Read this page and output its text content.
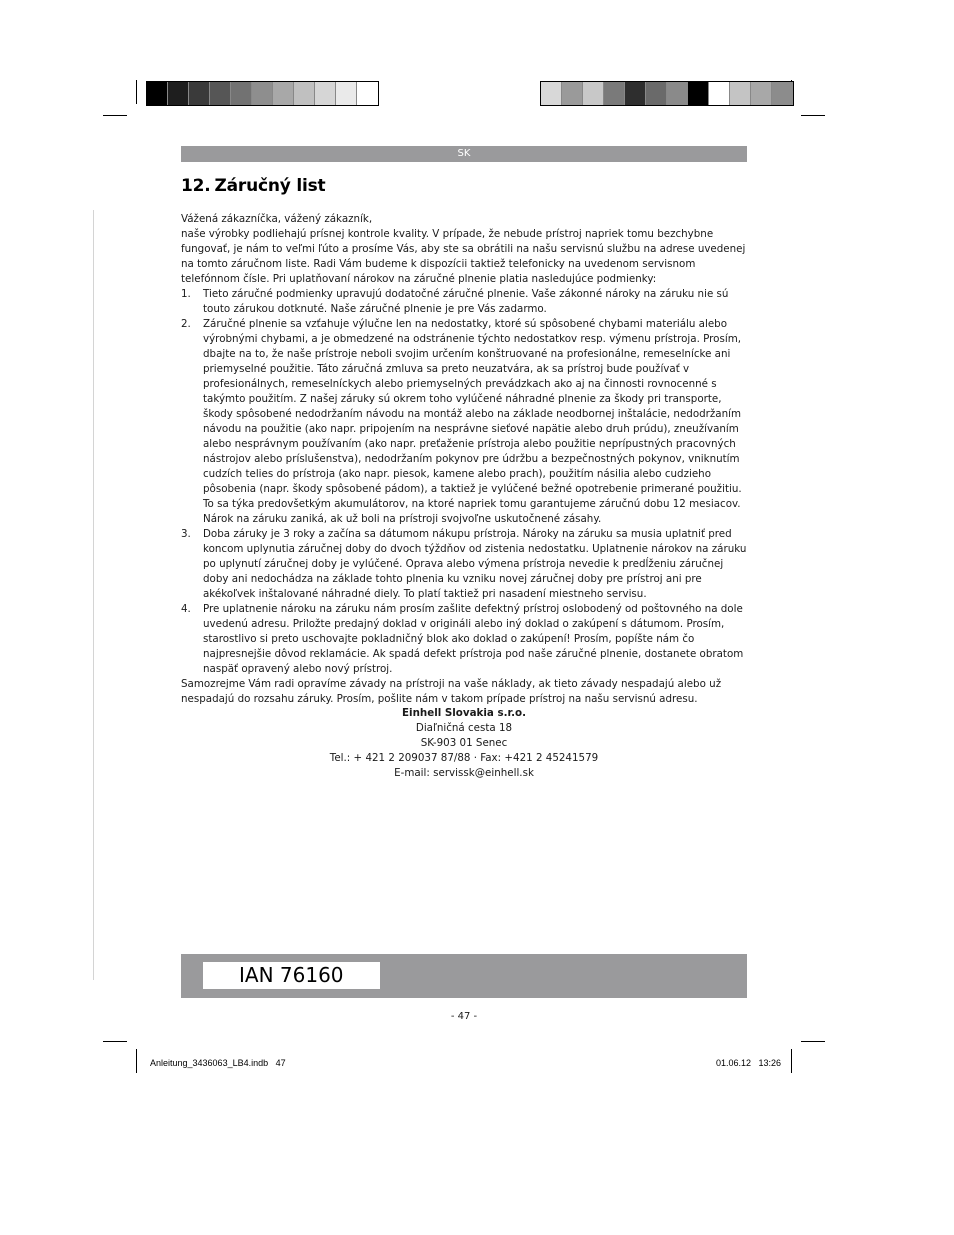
SK
12. Záručný list

Vážená zákazníčka, vážený zákazník,

naše výrobky podliehajú prísnej kontrole kvality. V prípade, že nebude prístroj napriek tomu bezchybne fungovať, je nám to veľmi ľúto a prosíme Vás, aby ste sa obrátili na našu servisnú službu na adrese uvedenej na tomto záručnom liste. Radi Vám budeme k dispozícii taktiež telefonicky na uvedenom servisnom telefónnom čísle. Pri uplatňovaní nárokov na záručné plnenie platia nasledujúce podmienky:

1.	Tieto záručné podmienky upravujú dodatočné záručné plnenie. Vaše zákonné nároky na záruku nie sú touto zárukou dotknuté. Naše záručné plnenie je pre Vás zadarmo.
2.	Záručné plnenie sa vzťahuje výlučne len na nedostatky, ktoré sú spôsobené chybami materiálu alebo výrobnými chybami, a je obmedzené na odstránenie týchto nedostatkov resp. výmenu prístroja. Prosím, dbajte na to, že naše prístroje neboli svojim určením konštruované na profesionálne, remeselnícke ani priemyselné použitie. Táto záručná zmluva sa preto neuzatvára, ak sa prístroj bude používať v profesionálnych, remeselníckych alebo priemyselných prevádzkach ako aj na činnosti rovnocenné s takýmto použitím. Z našej záruky sú okrem toho vylúčené náhradné plnenie za škody pri transporte, škody spôsobené nedodržaním návodu na montáž alebo na základe neodbornej inštalácie, nedodržaním návodu na použitie (ako napr. pripojením na nesprávne sieťové napätie alebo druh prúdu), zneužívaním alebo nesprávnym používaním (ako napr. preťaženie prístroja alebo použitie neprípustných pracovných nástrojov alebo príslušenstva), nedodržaním pokynov pre údržbu a bezpečnostných pokynov, vniknutím cudzích telies do prístroja (ako napr. piesok, kamene alebo prach), použitím násilia alebo cudzieho pôsobenia (napr. škody spôsobené pádom), a taktiež je vylúčené bežné opotrebenie primerané použitiu. To sa týka predovšetkým akumulátorov, na ktoré napriek tomu garantujeme záručnú dobu 12 mesiacov. Nárok na záruku zaniká, ak už boli na prístroji svojvoľne uskutočnené zásahy.
3.	Doba záruky je 3 roky a začína sa dátumom nákupu prístroja. Nároky na záruku sa musia uplatniť pred koncom uplynutia záručnej doby do dvoch týždňov od zistenia nedostatku. Uplatnenie nárokov na záruku po uplynutí záručnej doby je vylúčené. Oprava alebo výmena prístroja nevedie k predĺženiu záručnej doby ani nedochádza na základe tohto plnenia ku vzniku novej záručnej doby pre prístroj ani pre akékoľvek inštalované náhradné diely. To platí taktiež pri nasadení miestneho servisu.
4.	Pre uplatnenie nároku na záruku nám prosím zašlite defektný prístroj oslobodený od poštovného na dole uvedenú adresu. Priložte predajný doklad v origináli alebo iný doklad o zakúpení s dátumom. Prosím, starostlivo si preto uschovajte pokladničný blok ako doklad o zakúpení! Prosím, popíšte nám čo najpresnejšie dôvod reklamácie. Ak spadá defekt prístroja pod naše záručné plnenie, dostanete obratom naspäť opravený alebo nový prístroj.

Samozrejme Vám radi opravíme závady na prístroji na vaše náklady, ak tieto závady nespadajú alebo už nespadajú do rozsahu záruky. Prosím, pošlite nám v takom prípade prístroj na našu servisnú adresu.

Einhell Slovakia s.r.o.
Diaľničná cesta 18
SK-903 01 Senec
Tel.: + 421 2 209037 87/88 · Fax: +421 2 45241579
E-mail: servissk@einhell.sk
IAN 76160
- 47 -
Anleitung_3436063_LB4.indb   47	01.06.12   13:26
